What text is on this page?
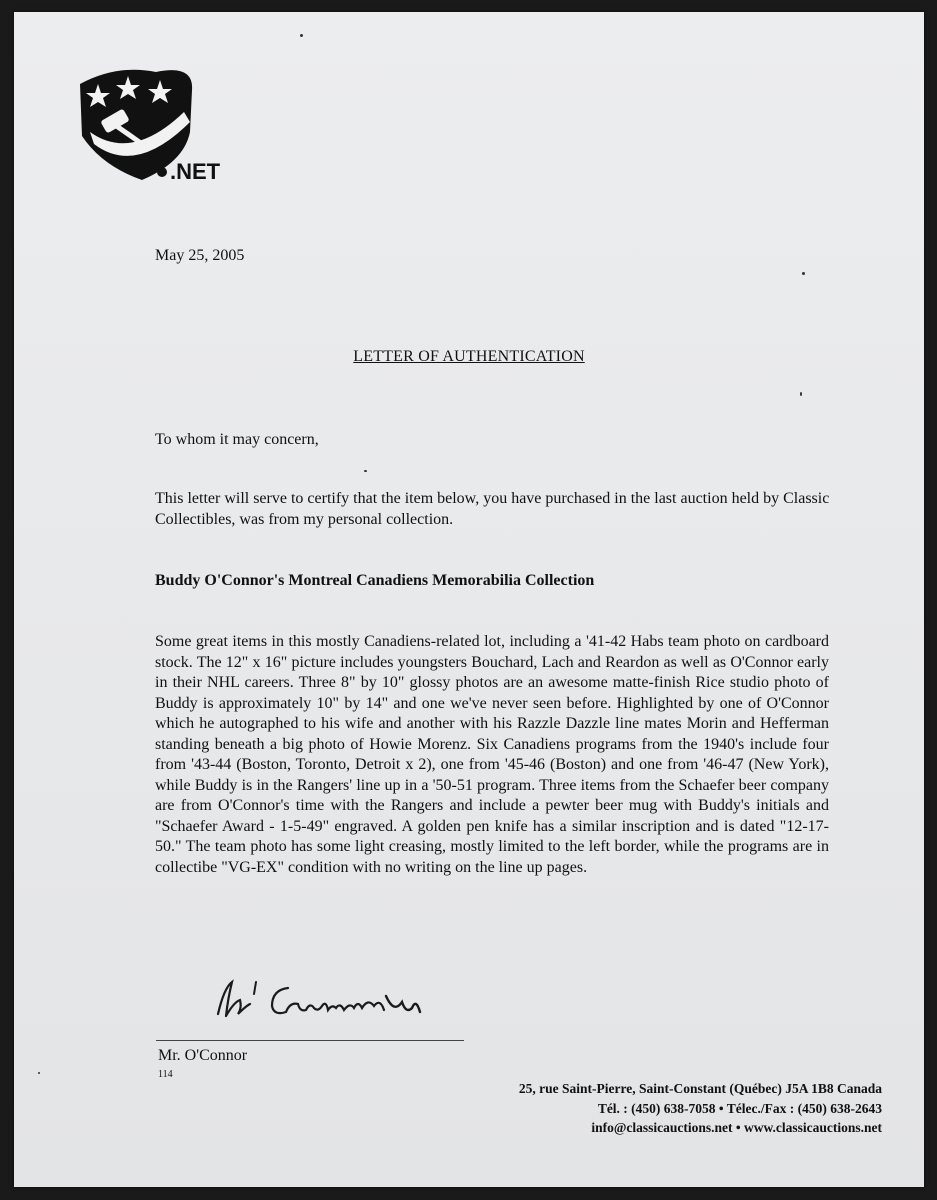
.NET
May 25, 2005
LETTER OF AUTHENTICATION
To whom it may concern,
This letter will serve to certify that the item below, you have purchased in the last auction held by Classic Collectibles, was from my personal collection.
Buddy O'Connor's Montreal Canadiens Memorabilia Collection
Some great items in this mostly Canadiens-related lot, including a '41-42 Habs team photo on cardboard stock. The 12" x 16" picture includes youngsters Bouchard, Lach and Reardon as well as O'Connor early in their NHL careers. Three 8" by 10" glossy photos are an awesome matte-finish Rice studio photo of Buddy is approximately 10" by 14" and one we've never seen before. Highlighted by one of O'Connor which he autographed to his wife and another with his Razzle Dazzle line mates Morin and Hefferman standing beneath a big photo of Howie Morenz. Six Canadiens programs from the 1940's include four from '43-44 (Boston, Toronto, Detroit x 2), one from '45-46 (Boston) and one from '46-47 (New York), while Buddy is in the Rangers' line up in a '50-51 program. Three items from the Schaefer beer company are from O'Connor's time with the Rangers and include a pewter beer mug with Buddy's initials and "Schaefer Award - 1-5-49" engraved. A golden pen knife has a similar inscription and is dated "12-17-50." The team photo has some light creasing, mostly limited to the left border, while the programs are in collectibe "VG-EX" condition with no writing on the line up pages.
Mr. O'Connor
114
25, rue Saint-Pierre, Saint-Constant (Québec) J5A 1B8 Canada
Tél. : (450) 638-7058 • Télec./Fax : (450) 638-2643
info@classicauctions.net • www.classicauctions.net
